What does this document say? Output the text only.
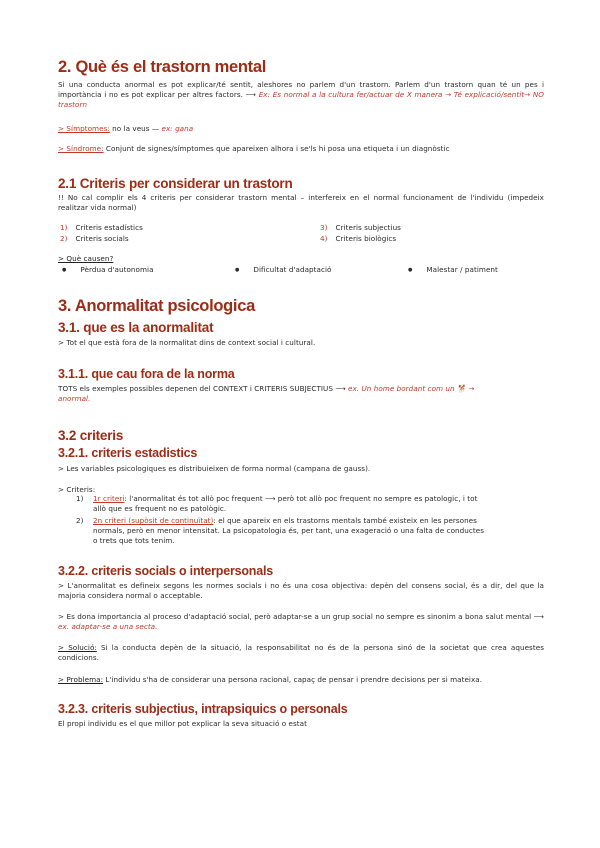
2. Què és el trastorn mental
Si una conducta anormal es pot explicar/té sentit, aleshores no parlem d'un trastorn. Parlem d'un trastorn quan té un pes i importància i no es pot explicar per altres factors. ⟶ Ex: Es normal a la cultura fer/actuar de X manera → Té explicació/sentit→ NO trastorn
> Símptomes: no la veus — ex: gana
> Síndrome: Conjunt de signes/símptomes que apareixen alhora i se'ls hi posa una etiqueta i un diagnòstic
2.1 Criteris per considerar un trastorn
!! No cal complir els 4 criteris per considerar trastorn mental – interfereix en el normal funcionament de l'individu (impedeix realitzar vida normal)
1) Criteris estadístics
2) Criteris socials
3) Criteris subjectius
4) Criteris biològics
> Què causen?
● Pèrdua d'autonomia ●	Dificultat d'adaptació ●	Malestar / patiment
3. Anormalitat psicologica
3.1. que es la anormalitat
> Tot el que està fora de la normalitat dins de context social i cultural.
3.1.1. que cau fora de la norma
TOTS els exemples possibles depenen del CONTEXT i CRITERIS SUBJECTIUS ⟶ ex. Un home bordant com un 🐕 →
anormal.
3.2 criteris
3.2.1. criteris estadistics
> Les variables psicologiques es distribuieixen de forma normal (campana de gauss).
> Criteris:
1) 1r criteri: l'anormalitat és tot allò poc frequent ⟶ però tot allò poc frequent no sempre es patologic, i tot
allò que es frequent no es patològic.
2) 2n criteri (supòsit de continuïtat): el que apareix en els trastorns mentals també existeix en les persones
normals, però en menor intensitat. La psicopatologia és, per tant, una exageració o una falta de conductes
o trets que tots tenim.
3.2.2. criteris socials o interpersonals
> L'anormalitat es defineix segons les normes socials i no és una cosa objectiva: depèn del consens social, és a dir, del que la majoria considera normal o acceptable.
> Es dona importancia al proceso d'adaptació social, però adaptar-se a un grup social no sempre es sinonim a bona salut mental ⟶ ex. adaptar-se a una secta.
> Solució: Si la conducta depèn de la situació, la responsabilitat no és de la persona sinó de la societat que crea aquestes condicions.
> Problema: L'individu s'ha de considerar una persona racional, capaç de pensar i prendre decisions per si mateixa.
3.2.3. criteris subjectius, intrapsiquics o personals
El propi individu es el que millor pot explicar la seva situació o estat
